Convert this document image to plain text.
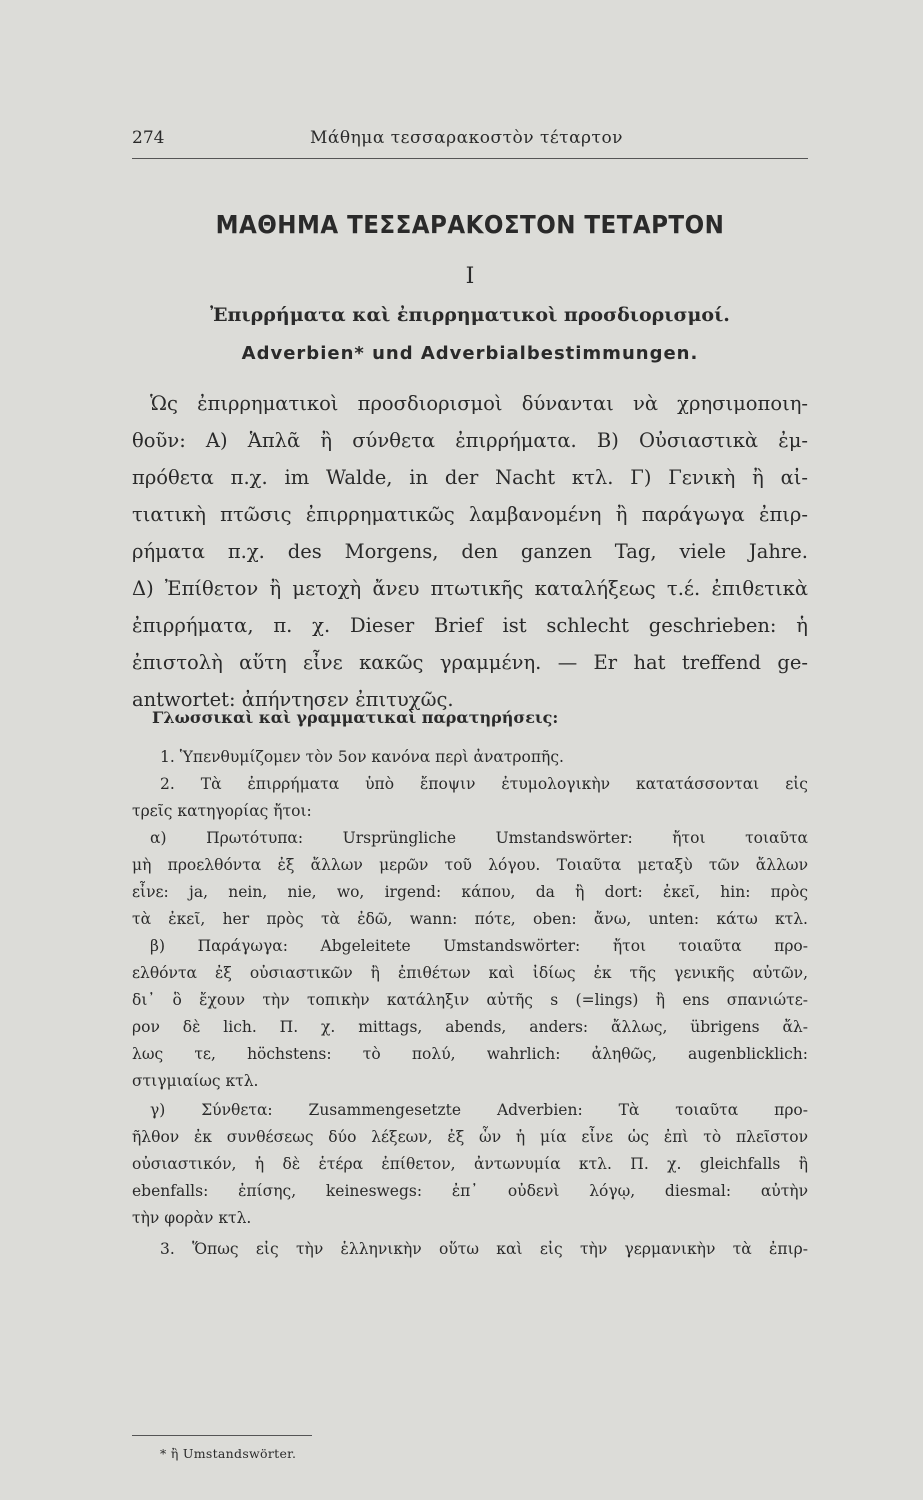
274	Μάθημα τεσσαρακοστὸν τέταρτον
ΜΑΘΗΜΑ ΤΕΣΣΑΡΑΚΟΣΤΟΝ ΤΕΤΑΡΤΟΝ
I
Ἐπιρρήματα καὶ ἐπιρρηματικοὶ προσδιορισμοί.
Adverbien* und Adverbialbestimmungen.
Ὡς ἐπιρρηματικοὶ προσδιορισμοὶ δύνανται νὰ χρησιμοποιη-
θοῦν: Α) Ἁπλᾶ ἢ σύνθετα ἐπιρρήματα. Β) Οὐσιαστικὰ ἐμ-
πρόθετα π.χ. im Walde, in der Nacht κτλ. Γ) Γενικὴ ἢ αἰ-
τιατικὴ πτῶσις ἐπιρρηματικῶς λαμβανομένη ἢ παράγωγα ἐπιρ-
ρήματα π.χ. des Morgens, den ganzen Tag, viele Jahre.
Δ) Ἐπίθετον ἢ μετοχὴ ἄνευ πτωτικῆς καταλήξεως τ.έ. ἐπιθετικὰ
ἐπιρρήματα, π. χ. Dieser Brief ist schlecht geschrieben: ἡ
ἐπιστολὴ αὕτη εἶνε κακῶς γραμμένη. — Er hat treffend ge-
antwortet: ἀπήντησεν ἐπιτυχῶς.
Γλωσσικαὶ καὶ γραμματικαὶ παρατηρήσεις:
1. Ὑπενθυμίζομεν τὸν 5ον κανόνα περὶ ἀνατροπῆς.
2. Τὰ ἐπιρρήματα ὑπὸ ἔποψιν ἐτυμολογικὴν κατατάσσονται εἰς
τρεῖς κατηγορίας ἤτοι:
α) Πρωτότυπα: Ursprüngliche Umstandswörter: ἤτοι τοιαῦτα
μὴ προελθόντα ἐξ ἄλλων μερῶν τοῦ λόγου. Τοιαῦτα μεταξὺ τῶν ἄλλων
εἶνε: ja, nein, nie, wo, irgend: κάπου, da ἢ dort: ἐκεῖ, hin: πρὸς
τὰ ἐκεῖ, her πρὸς τὰ ἐδῶ, wann: πότε, oben: ἄνω, unten: κάτω κτλ.
β) Παράγωγα: Abgeleitete Umstandswörter: ἤτοι τοιαῦτα προ-
ελθόντα ἐξ οὐσιαστικῶν ἢ ἐπιθέτων καὶ ἰδίως ἐκ τῆς γενικῆς αὐτῶν,
δι᾽ ὃ ἔχουν τὴν τοπικὴν κατάληξιν αὐτῆς s (=lings) ἢ ens σπανιώτε-
ρον δὲ lich. Π. χ. mittags, abends, anders: ἄλλως, übrigens ἄλ-
λως τε, höchstens: τὸ πολύ, wahrlich: ἀληθῶς, augenblicklich:
στιγμιαίως κτλ.
γ) Σύνθετα: Zusammengesetzte Adverbien: Τὰ τοιαῦτα προ-
ῆλθον ἐκ συνθέσεως δύο λέξεων, ἐξ ὧν ἡ μία εἶνε ὡς ἐπὶ τὸ πλεῖστον
οὐσιαστικόν, ἡ δὲ ἑτέρα ἐπίθετον, ἀντωνυμία κτλ. Π. χ. gleichfalls ἢ
ebenfalls: ἐπίσης, keineswegs: ἐπ᾽ οὐδενὶ λόγῳ, diesmal: αὐτὴν
τὴν φορὰν κτλ.
3. Ὅπως εἰς τὴν ἑλληνικὴν οὕτω καὶ εἰς τὴν γερμανικὴν τὰ ἐπιρ-
* ἢ Umstandswörter.
